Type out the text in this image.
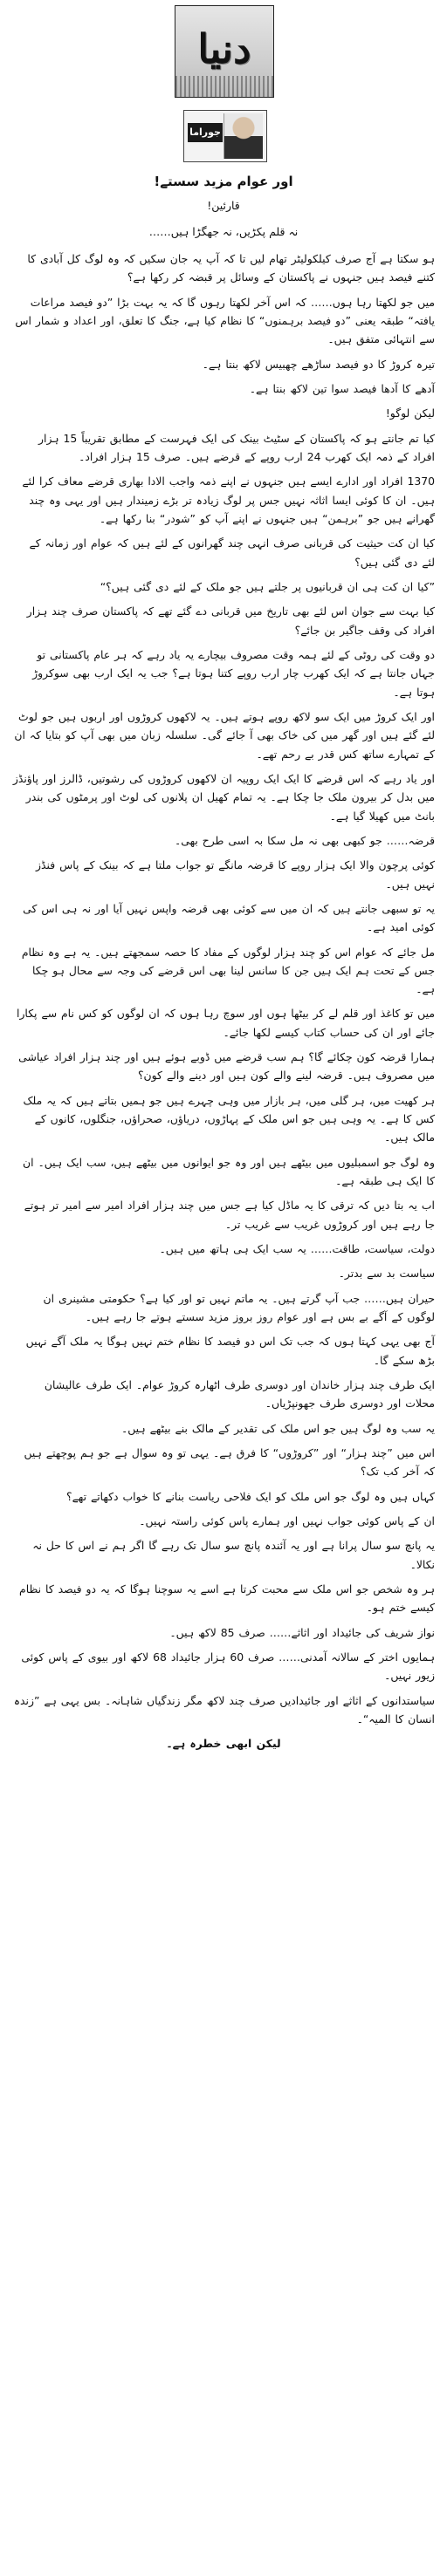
دنیا
جوراما
اور عوام مزید سستے!
قارئین!
نہ قلم پکڑیں، نہ جھگڑا ہیں……
ہو سکتا ہے آج صرف کیلکولیٹر تھام لیں تا کہ آپ یہ جان سکیں کہ وہ لوگ کل آبادی کا کتنے فیصد ہیں جنہوں نے پاکستان کے وسائل پر قبضہ کر رکھا ہے؟
میں جو لکھتا رہا ہوں…… کہ اس آخر لکھتا رہوں گا کہ یہ بہت بڑا ”دو فیصد مراعات یافتہ“ طبقہ یعنی ”دو فیصد برہمنوں“ کا نظام کیا ہے، جنگ کا تعلق، اور اعداد و شمار اس سے انتہائی متفق ہیں۔
تیرہ کروڑ کا دو فیصد ساڑھے چھبیس لاکھ بنتا ہے۔
آدھے کا آدھا فیصد سوا تین لاکھ بنتا ہے۔
لیکن لوگو!
کیا تم جانتے ہو کہ پاکستان کے سٹیٹ بینک کی ایک فہرست کے مطابق تقریباً 15 ہزار افراد کے ذمہ ایک کھرب 24 ارب روپے کے قرضے ہیں۔ صرف 15 ہزار افراد۔
1370 افراد اور ادارے ایسے ہیں جنہوں نے اپنے ذمہ واجب الادا بھاری قرضے معاف کرا لئے ہیں۔ ان کا کوئی ایسا اثاثہ نہیں جس پر لوگ زیادہ تر بڑے زمیندار ہیں اور یہی وہ چند گھرانے ہیں جو ”برہمن“ ہیں جنہوں نے اپنے آپ کو ”شودر“ بنا رکھا ہے۔
کیا ان کت حیثیت کی قربانی صرف انہی چند گھرانوں کے لئے ہیں کہ عوام اور زمانہ کے لئے دی گئی ہیں؟
”کیا ان کت ہی ان قربانیوں پر جلتے ہیں جو ملک کے لئے دی گئی ہیں؟“
کیا بہت سے جوان اس لئے بھی تاریخ میں قربانی دے گئے تھے کہ پاکستان صرف چند ہزار افراد کی وقف جاگیر بن جائے؟
دو وقت کی روٹی کے لئے ہمہ وقت مصروف بیچارے یہ یاد رہے کہ ہر عام پاکستانی تو جہاں جانتا ہے کہ ایک کھرب چار ارب روپے کتنا ہوتا ہے؟ جب یہ ایک ارب بھی سوکروڑ ہوتا ہے۔
اور ایک کروڑ میں ایک سو لاکھ روپے ہوتے ہیں۔ یہ لاکھوں کروڑوں اور اربوں ہیں جو لوٹ لئے گئے ہیں اور گھر میں کی خاک بھی آ جائے گی۔ سلسلہ زبان میں بھی آپ کو بتایا کہ ان کے تمہارے ساتھ کس قدر بے رحم تھے۔
اور یاد رہے کہ اس قرضے کا ایک ایک روپیہ ان لاکھوں کروڑوں کی رشوتیں، ڈالرز اور پاؤنڈز میں بدل کر بیرون ملک جا چکا ہے۔ یہ تمام کھیل ان پلانوں کی لوٹ اور پرمٹوں کی بندر بانٹ میں کھیلا گیا ہے۔
قرضہ…… جو کبھی بھی نہ مل سکا بہ اسی طرح بھی۔
کوئی پرچون والا ایک ہزار روپے کا قرضہ مانگے تو جواب ملتا ہے کہ بینک کے پاس فنڈز نہیں ہیں۔
یہ تو سبھی جانتے ہیں کہ ان میں سے کوئی بھی قرضہ واپس نہیں آیا اور نہ ہی اس کی کوئی امید ہے۔
مل جائے کہ عوام اس کو چند ہزار لوگوں کے مفاد کا حصہ سمجھتے ہیں۔ یہ ہے وہ نظام جس کے تحت ہم ایک ہیں جن کا سانس لینا بھی اس قرضے کی وجہ سے محال ہو چکا ہے۔
میں تو کاغذ اور قلم لے کر بیٹھا ہوں اور سوچ رہا ہوں کہ ان لوگوں کو کس نام سے پکارا جائے اور ان کی حساب کتاب کیسے لکھا جائے۔
ہمارا قرضہ کون چکائے گا؟ ہم سب قرضے میں ڈوبے ہوئے ہیں اور چند ہزار افراد عیاشی میں مصروف ہیں۔ قرضہ لینے والے کون ہیں اور دینے والے کون؟
ہر کھیت میں، ہر گلی میں، ہر بازار میں وہی چہرے ہیں جو ہمیں بتاتے ہیں کہ یہ ملک کس کا ہے۔ یہ وہی ہیں جو اس ملک کے پہاڑوں، دریاؤں، صحراؤں، جنگلوں، کانوں کے مالک ہیں۔
وہ لوگ جو اسمبلیوں میں بیٹھے ہیں اور وہ جو ایوانوں میں بیٹھے ہیں، سب ایک ہیں۔ ان کا ایک ہی طبقہ ہے۔
اب یہ بتا دیں کہ ترقی کا یہ ماڈل کیا ہے جس میں چند ہزار افراد امیر سے امیر تر ہوتے جا رہے ہیں اور کروڑوں غریب سے غریب تر۔
دولت، سیاست، طاقت…… یہ سب ایک ہی ہاتھ میں ہیں۔
سیاست بد سے بدتر۔
حیران ہیں…… جب آپ گرتے ہیں۔ یہ ماتم نہیں تو اور کیا ہے؟ حکومتی مشینری ان لوگوں کے آگے بے بس ہے اور عوام روز بروز مزید سستے ہوتے جا رہے ہیں۔
آج بھی یہی کہتا ہوں کہ جب تک اس دو فیصد کا نظام ختم نہیں ہوگا یہ ملک آگے نہیں بڑھ سکے گا۔
ایک طرف چند ہزار خاندان اور دوسری طرف اٹھارہ کروڑ عوام۔ ایک طرف عالیشان محلات اور دوسری طرف جھونپڑیاں۔
یہ سب وہ لوگ ہیں جو اس ملک کی تقدیر کے مالک بنے بیٹھے ہیں۔
اس میں ”چند ہزار“ اور ”کروڑوں“ کا فرق ہے۔ یہی تو وہ سوال ہے جو ہم پوچھتے ہیں کہ آخر کب تک؟
کہاں ہیں وہ لوگ جو اس ملک کو ایک فلاحی ریاست بنانے کا خواب دکھاتے تھے؟
ان کے پاس کوئی جواب نہیں اور ہمارے پاس کوئی راستہ نہیں۔
یہ پانچ سو سال پرانا ہے اور یہ آئندہ پانچ سو سال تک رہے گا اگر ہم نے اس کا حل نہ نکالا۔
ہر وہ شخص جو اس ملک سے محبت کرتا ہے اسے یہ سوچنا ہوگا کہ یہ دو فیصد کا نظام کیسے ختم ہو۔
نواز شریف کی جائیداد اور اثاثے…… صرف 85 لاکھ ہیں۔
ہمایوں اختر کے سالانہ آمدنی…… صرف 60 ہزار جائیداد 68 لاکھ اور بیوی کے پاس کوئی زیور نہیں۔
سیاستدانوں کے اثاثے اور جائیدادیں صرف چند لاکھ مگر زندگیاں شاہانہ۔ بس یہی ہے ”زندہ انسان کا المیہ“۔
لیکن ابھی خطرہ ہے۔
